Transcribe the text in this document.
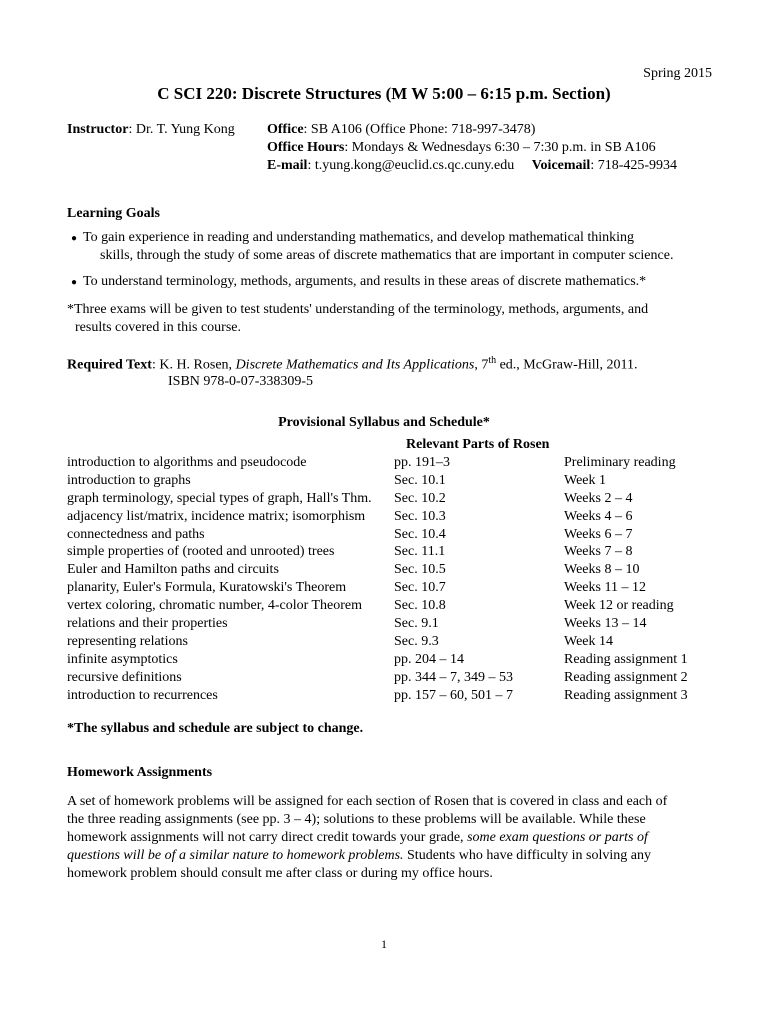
Spring 2015
C SCI 220: Discrete Structures (M W 5:00 – 6:15 p.m. Section)
Instructor: Dr. T. Yung Kong Office: SB A106 (Office Phone: 718-997-3478)
Office Hours: Mondays & Wednesdays 6:30 – 7:30 p.m. in SB A106
E-mail: t.yung.kong@euclid.cs.qc.cuny.edu Voicemail: 718-425-9934
Learning Goals
● To gain experience in reading and understanding mathematics, and develop mathematical thinking
skills, through the study of some areas of discrete mathematics that are important in computer science.
● To understand terminology, methods, arguments, and results in these areas of discrete mathematics.*
*Three exams will be given to test students' understanding of the terminology, methods, arguments, and
results covered in this course.
Required Text: K. H. Rosen, Discrete Mathematics and Its Applications, 7th ed., McGraw-Hill, 2011.
ISBN 978-0-07-338309-5
Provisional Syllabus and Schedule*
Relevant Parts of Rosen
introduction to algorithms and pseudocode	pp. 191–3	Preliminary reading
introduction to graphs	Sec. 10.1	Week 1
graph terminology, special types of graph, Hall's Thm. Sec. 10.2	Weeks 2 – 4
adjacency list/matrix, incidence matrix; isomorphism Sec. 10.3	Weeks 4 – 6
connectedness and paths	Sec. 10.4	Weeks 6 – 7
simple properties of (rooted and unrooted) trees	Sec. 11.1	Weeks 7 – 8
Euler and Hamilton paths and circuits	Sec. 10.5	Weeks 8 – 10
planarity, Euler's Formula, Kuratowski's Theorem	Sec. 10.7	Weeks 11 – 12
vertex coloring, chromatic number, 4-color Theorem Sec. 10.8	Week 12 or reading
relations and their properties	Sec. 9.1	Weeks 13 – 14
representing relations	Sec. 9.3	Week 14
infinite asymptotics	pp. 204 – 14	Reading assignment 1
recursive definitions	pp. 344 – 7, 349 – 53	Reading assignment 2
introduction to recurrences	pp. 157 – 60, 501 – 7	Reading assignment 3
*The syllabus and schedule are subject to change.
Homework Assignments
A set of homework problems will be assigned for each section of Rosen that is covered in class and each of
the three reading assignments (see pp. 3 – 4); solutions to these problems will be available. While these
homework assignments will not carry direct credit towards your grade, some exam questions or parts of
questions will be of a similar nature to homework problems. Students who have difficulty in solving any
homework problem should consult me after class or during my office hours.
1
